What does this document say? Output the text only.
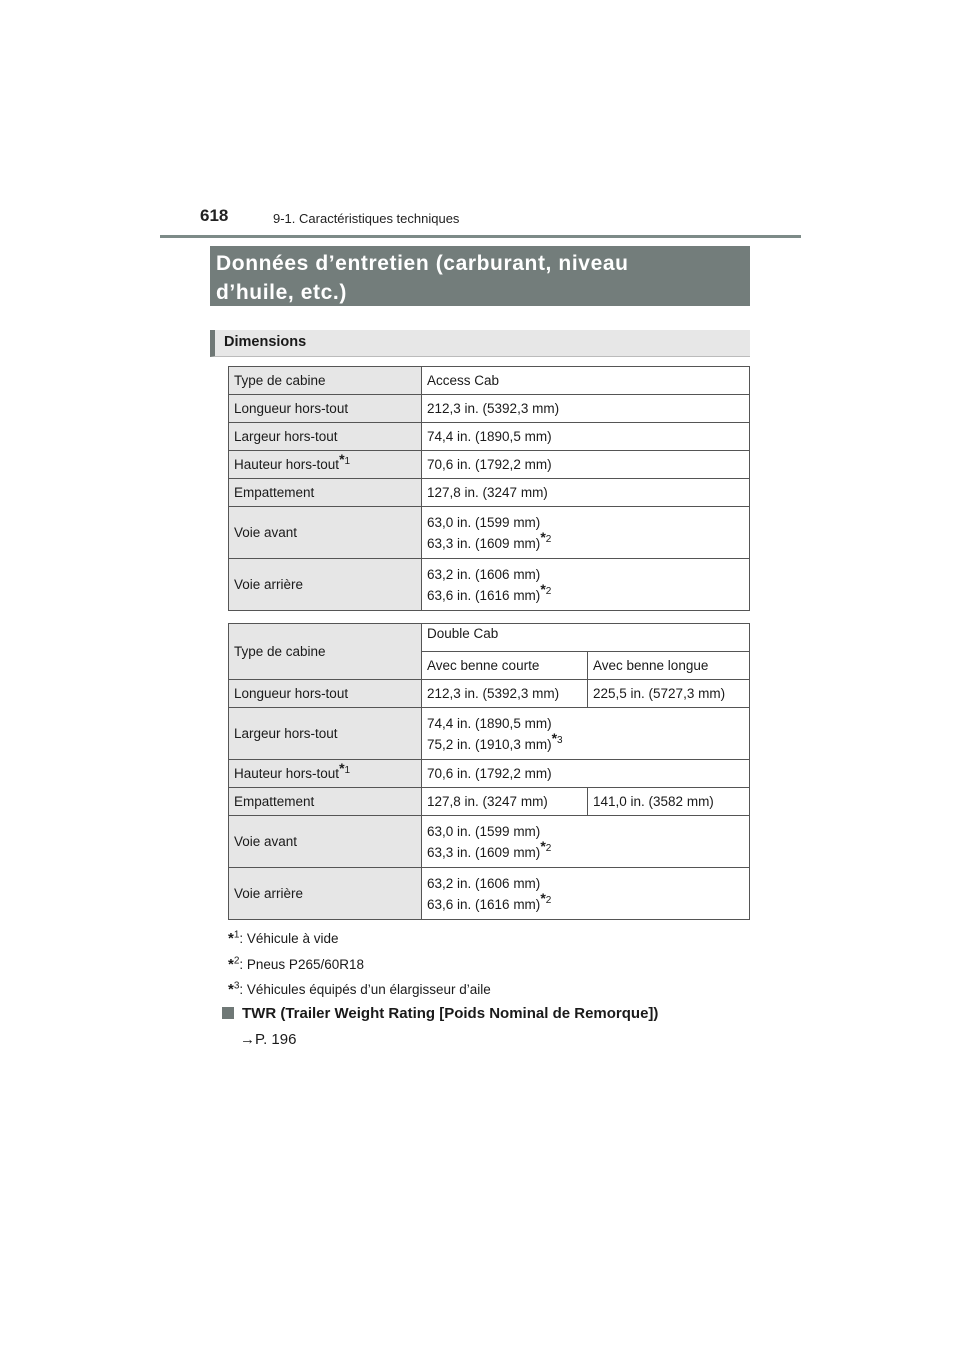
618	9-1. Caractéristiques techniques
Données d’entretien (carburant, niveau
d’huile, etc.)
Dimensions
Type de cabine	Access Cab
Longueur hors-tout	212,3 in. (5392,3 mm)
Largeur hors-tout	74,4 in. (1890,5 mm)
Hauteur hors-tout$^{*1}$	70,6 in. (1792,2 mm)
Empattement	127,8 in. (3247 mm)
Voie avant	63,0 in. (1599 mm)
63,3 in. (1609 mm)$^{*2}$

Voie arrière	63,2 in. (1606 mm)
63,6 in. (1616 mm)$^{*2}$
Type de cabine	Double Cab	
	Avec benne courte	Avec benne longue
Longueur hors-tout	212,3 in. (5392,3 mm)	225,5 in. (5727,3 mm)
Largeur hors-tout	74,4 in. (1890,5 mm)
75,2 in. (1910,3 mm)$^{*3}$

Hauteur hors-tout$^{*1}$	70,6 in. (1792,2 mm)	
Empattement	127,8 in. (3247 mm)	141,0 in. (3582 mm)
Voie avant	63,0 in. (1599 mm)
63,3 in. (1609 mm)$^{*2}$

Voie arrière	63,2 in. (1606 mm)
63,6 in. (1616 mm)$^{*2}$
*$^1$: Véhicule à vide
*$^2$: Pneus P265/60R18
*$^3$: Véhicules équipés d’un élargisseur d’aile
TWR (Trailer Weight Rating [Poids Nominal de Remorque])
→P. 196
